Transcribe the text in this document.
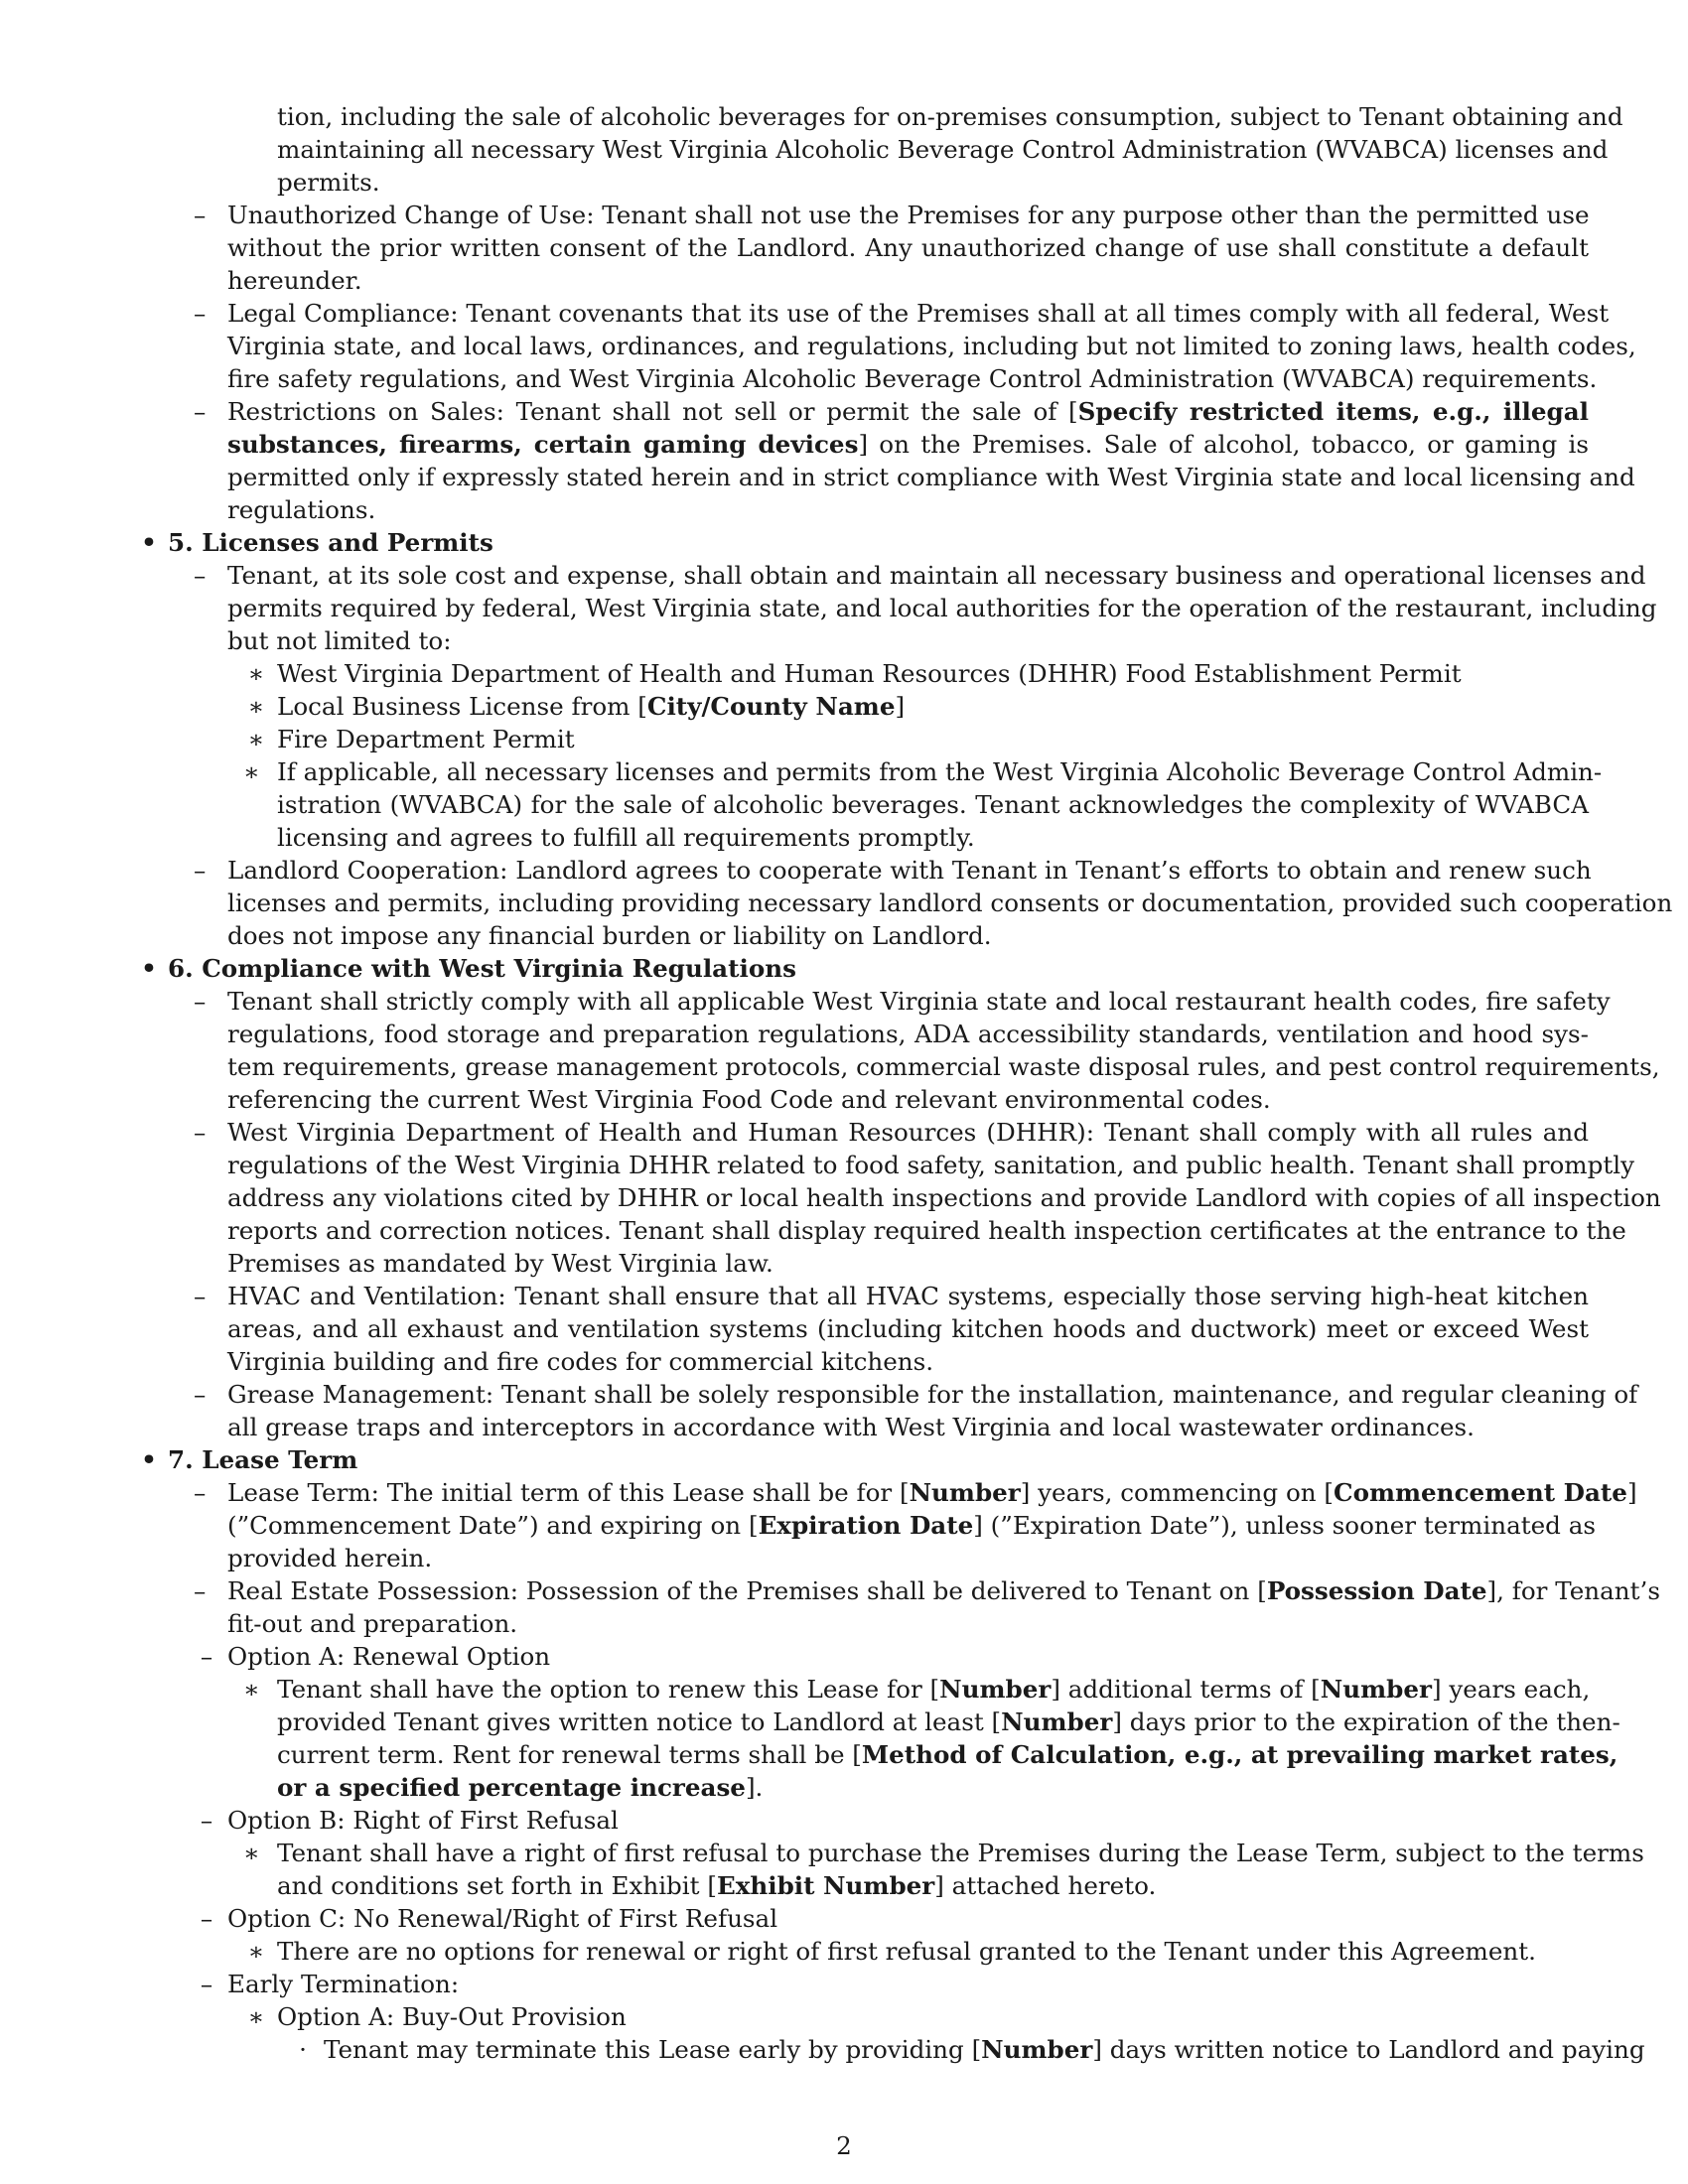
tion, including the sale of alcoholic beverages for on-premises consumption, subject to Tenant obtaining and
maintaining all necessary West Virginia Alcoholic Beverage Control Administration (WVABCA) licenses and
permits.
– Unauthorized Change of Use: Tenant shall not use the Premises for any purpose other than the permitted use
without the prior written consent of the Landlord. Any unauthorized change of use shall constitute a default
hereunder.
– Legal Compliance: Tenant covenants that its use of the Premises shall at all times comply with all federal, West
Virginia state, and local laws, ordinances, and regulations, including but not limited to zoning laws, health codes,
fire safety regulations, and West Virginia Alcoholic Beverage Control Administration (WVABCA) requirements.
– Restrictions on Sales: Tenant shall not sell or permit the sale of [Specify restricted items, e.g., illegal
substances, firearms, certain gaming devices] on the Premises. Sale of alcohol, tobacco, or gaming is
permitted only if expressly stated herein and in strict compliance with West Virginia state and local licensing and
regulations.
• 5. Licenses and Permits
– Tenant, at its sole cost and expense, shall obtain and maintain all necessary business and operational licenses and
permits required by federal, West Virginia state, and local authorities for the operation of the restaurant, including
but not limited to:
∗ West Virginia Department of Health and Human Resources (DHHR) Food Establishment Permit
∗ Local Business License from [City/County Name]
∗ Fire Department Permit
∗ If applicable, all necessary licenses and permits from the West Virginia Alcoholic Beverage Control Admin-
istration (WVABCA) for the sale of alcoholic beverages. Tenant acknowledges the complexity of WVABCA
licensing and agrees to fulfill all requirements promptly.
– Landlord Cooperation: Landlord agrees to cooperate with Tenant in Tenant’s efforts to obtain and renew such
licenses and permits, including providing necessary landlord consents or documentation, provided such cooperation
does not impose any financial burden or liability on Landlord.
• 6. Compliance with West Virginia Regulations
– Tenant shall strictly comply with all applicable West Virginia state and local restaurant health codes, fire safety
regulations, food storage and preparation regulations, ADA accessibility standards, ventilation and hood sys-
tem requirements, grease management protocols, commercial waste disposal rules, and pest control requirements,
referencing the current West Virginia Food Code and relevant environmental codes.
– West Virginia Department of Health and Human Resources (DHHR): Tenant shall comply with all rules and
regulations of the West Virginia DHHR related to food safety, sanitation, and public health. Tenant shall promptly
address any violations cited by DHHR or local health inspections and provide Landlord with copies of all inspection
reports and correction notices. Tenant shall display required health inspection certificates at the entrance to the
Premises as mandated by West Virginia law.
– HVAC and Ventilation: Tenant shall ensure that all HVAC systems, especially those serving high-heat kitchen
areas, and all exhaust and ventilation systems (including kitchen hoods and ductwork) meet or exceed West
Virginia building and fire codes for commercial kitchens.
– Grease Management: Tenant shall be solely responsible for the installation, maintenance, and regular cleaning of
all grease traps and interceptors in accordance with West Virginia and local wastewater ordinances.
• 7. Lease Term
– Lease Term: The initial term of this Lease shall be for [Number] years, commencing on [Commencement Date]
(”Commencement Date”) and expiring on [Expiration Date] (”Expiration Date”), unless sooner terminated as
provided herein.
– Real Estate Possession: Possession of the Premises shall be delivered to Tenant on [Possession Date], for Tenant’s
fit-out and preparation.
– Option A: Renewal Option
∗ Tenant shall have the option to renew this Lease for [Number] additional terms of [Number] years each,
provided Tenant gives written notice to Landlord at least [Number] days prior to the expiration of the then-
current term. Rent for renewal terms shall be [Method of Calculation, e.g., at prevailing market rates,
or a specified percentage increase].
– Option B: Right of First Refusal
∗ Tenant shall have a right of first refusal to purchase the Premises during the Lease Term, subject to the terms
and conditions set forth in Exhibit [Exhibit Number] attached hereto.
– Option C: No Renewal/Right of First Refusal
∗ There are no options for renewal or right of first refusal granted to the Tenant under this Agreement.
– Early Termination:
∗ Option A: Buy-Out Provision
· Tenant may terminate this Lease early by providing [Number] days written notice to Landlord and paying
2
